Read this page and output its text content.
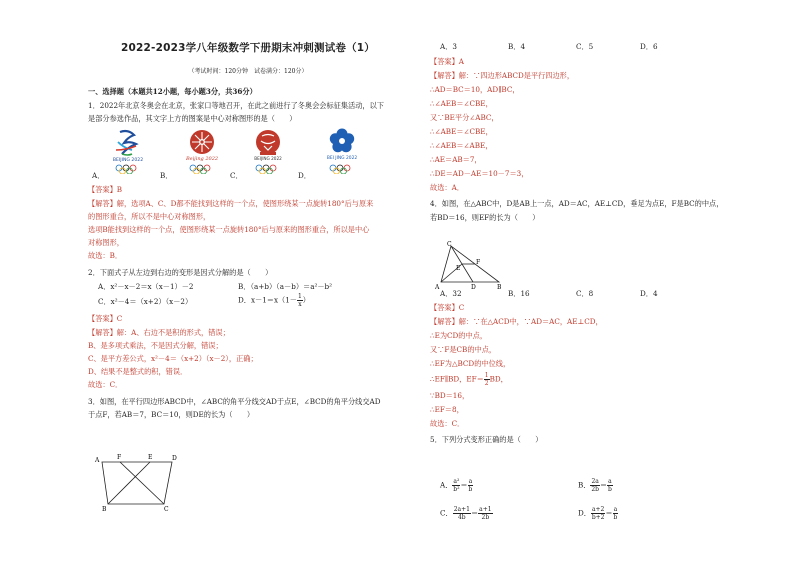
2022-2023学八年级数学下册期末冲刺测试卷（1）
（考试时间：120分钟　试卷满分：120分）
一、选择题（本题共12小题，每小题3分，共36分）
1．2022年北京冬奥会在北京，张家口等地召开，在此之前进行了冬奥会会标征集活动，以下
是部分参选作品，其文字上方的图案是中心对称图形的是（　　）
BEIJING 2022	Beijing 2022	BEIJING 2022	BEI JING 2022
A．	B．	C．	D．
【答案】B
【解答】解，选项A、C、D都不能找到这样的一个点，使图形绕某一点旋转180°后与原来
的图形重合，所以不是中心对称图形，
选项B能找到这样的一个点，使图形绕某一点旋转180°后与原来的图形重合，所以是中心
对称图形，
故选：B．
2．下面式子从左边到右边的变形是因式分解的是（　　）
A．x²－x－2＝x（x－1）－2	B．（a+b）（a－b）＝a²－b²
C．x²－4＝（x+2）（x－2）	D．$x-1=x(1- \frac{1}{x}$ ）
【答案】C
【解答】解：A、右边不是积的形式，错误；
B、是多项式乘法，不是因式分解，错误；
C、是平方差公式，x²－4＝（x+2）（x－2），正确；
D、结果不是整式的积，错误．
故选：C．
3．如图，在平行四边形ABCD中，∠ABC的角平分线交AD于点E，∠BCD的角平分线交AD
于点F，若AB＝7，BC＝10，则DE的长为（　　）
A	F	E	D
B	C
A．3	B．4	C．5	D．6
【答案】A
【解答】解：∵四边形ABCD是平行四边形，
∴AD＝BC＝10，AD∥BC，
∴∠AEB＝∠CBE，
又∵BE平分∠ABC，
∴∠ABE＝∠CBE，
∴∠AEB＝∠ABE，
∴AE＝AB＝7，
∴DE＝AD－AE＝10－7＝3，
故选：A．
4．如图，在△ABC中，D是AB上一点，AD＝AC，AE⊥CD，垂足为点E，F是BC的中点，
若BD＝16，则EF的长为（　　）
A．32	B．16	C．8	D．4
【答案】C
【解答】解：∵在△ACD中，∵AD＝AC，AE⊥CD，
∴E为CD的中点，
又∵F是CB的中点，
∴EF为△BCD的中位线，
∴EF∥BD，$EF= \frac{1}{2}$ BD，
∵BD＝16，
∴EF＝8，
故选：C．
5．下列分式变形正确的是（　　）
C
E
F
A	D	B
A． $\frac{\text{a²}}{\text{b²}} = \frac{a}{b}$	B． $\frac{2a}{2b} = \frac{a}{b}$
C． $\frac{2a+1}{4b} = \frac{a+1}{2b}$	D． $\frac{a+2}{b+2} = \frac{a}{b}$
